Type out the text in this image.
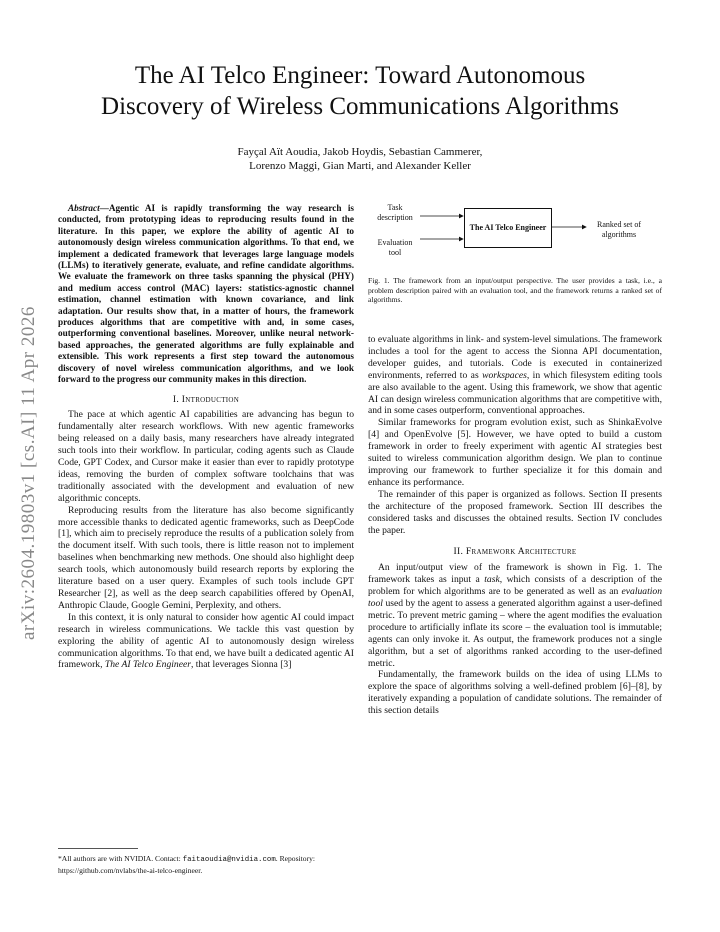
The AI Telco Engineer: Toward Autonomous
Discovery of Wireless Communications Algorithms
Fayçal Aït Aoudia, Jakob Hoydis, Sebastian Cammerer,
Lorenzo Maggi, Gian Marti, and Alexander Keller
arXiv:2604.19803v1 [cs.AI] 11 Apr 2026

Abstract—Agentic AI is rapidly transforming the way research is conducted, from prototyping ideas to reproducing results found in the literature. In this paper, we explore the ability of agentic AI to autonomously design wireless communication algorithms. To that end, we implement a dedicated framework that leverages large language models (LLMs) to iteratively generate, evaluate, and refine candidate algorithms. We evaluate the framework on three tasks spanning the physical (PHY) and medium access control (MAC) layers: statistics-agnostic channel estimation, channel estimation with known covariance, and link adaptation. Our results show that, in a matter of hours, the framework produces algorithms that are competitive with and, in some cases, outperforming conventional baselines. Moreover, unlike neural network-based approaches, the generated algorithms are fully explainable and extensible. This work represents a first step toward the autonomous discovery of novel wireless communication algorithms, and we look forward to the progress our community makes in this direction.

I. Introduction

The pace at which agentic AI capabilities are advancing has begun to fundamentally alter research workflows. With new agentic frameworks being released on a daily basis, many researchers have already integrated such tools into their workflow. In particular, coding agents such as Claude Code, GPT Codex, and Cursor make it easier than ever to rapidly prototype ideas, removing the burden of complex software toolchains that was traditionally associated with the development and evaluation of new algorithmic concepts.

Reproducing results from the literature has also become significantly more accessible thanks to dedicated agentic frameworks, such as DeepCode [1], which aim to precisely reproduce the results of a publication solely from the document itself. With such tools, there is little reason not to implement baselines when benchmarking new methods. One should also highlight deep search tools, which autonomously build research reports by exploring the literature based on a user query. Examples of such tools include GPT Researcher [2], as well as the deep search capabilities offered by OpenAI, Anthropic Claude, Google Gemini, Perplexity, and others.

In this context, it is only natural to consider how agentic AI could impact research in wireless communications. We tackle this vast question by exploring the ability of agentic AI to autonomously design wireless communication algorithms. To that end, we have built a dedicated agentic AI framework, The AI Telco Engineer, that leverages Sionna [3]

*All authors are with NVIDIA. Contact: faitaoudia@nvidia.com. Repository: https://github.com/nvlabs/the-ai-telco-engineer.
Task description
Evaluation tool
The AI Telco Engineer	Ranked set of algorithms
Fig. 1. The framework from an input/output perspective. The user provides a task, i.e., a problem description paired with an evaluation tool, and the framework returns a ranked set of algorithms.

to evaluate algorithms in link- and system-level simulations. The framework includes a tool for the agent to access the Sionna API documentation, developer guides, and tutorials. Code is executed in containerized environments, referred to as workspaces, in which filesystem editing tools are also available to the agent. Using this framework, we show that agentic AI can design wireless communication algorithms that are competitive with, and in some cases outperform, conventional approaches.

Similar frameworks for program evolution exist, such as ShinkaEvolve [4] and OpenEvolve [5]. However, we have opted to build a custom framework in order to freely experiment with agentic AI strategies best suited to wireless communication algorithm design. We plan to continue improving our framework to further specialize it for this domain and enhance its performance.

The remainder of this paper is organized as follows. Section II presents the architecture of the proposed framework. Section III describes the considered tasks and discusses the obtained results. Section IV concludes the paper.

II. Framework Architecture

An input/output view of the framework is shown in Fig. 1. The framework takes as input a task, which consists of a description of the problem for which algorithms are to be generated as well as an evaluation tool used by the agent to assess a generated algorithm against a user-defined metric. To prevent metric gaming – where the agent modifies the evaluation procedure to artificially inflate its score – the evaluation tool is immutable; agents can only invoke it. As output, the framework produces not a single algorithm, but a set of algorithms ranked according to the user-defined metric.

Fundamentally, the framework builds on the idea of using LLMs to explore the space of algorithms solving a well-defined problem [6]–[8], by iteratively expanding a population of candidate solutions. The remainder of this section details
